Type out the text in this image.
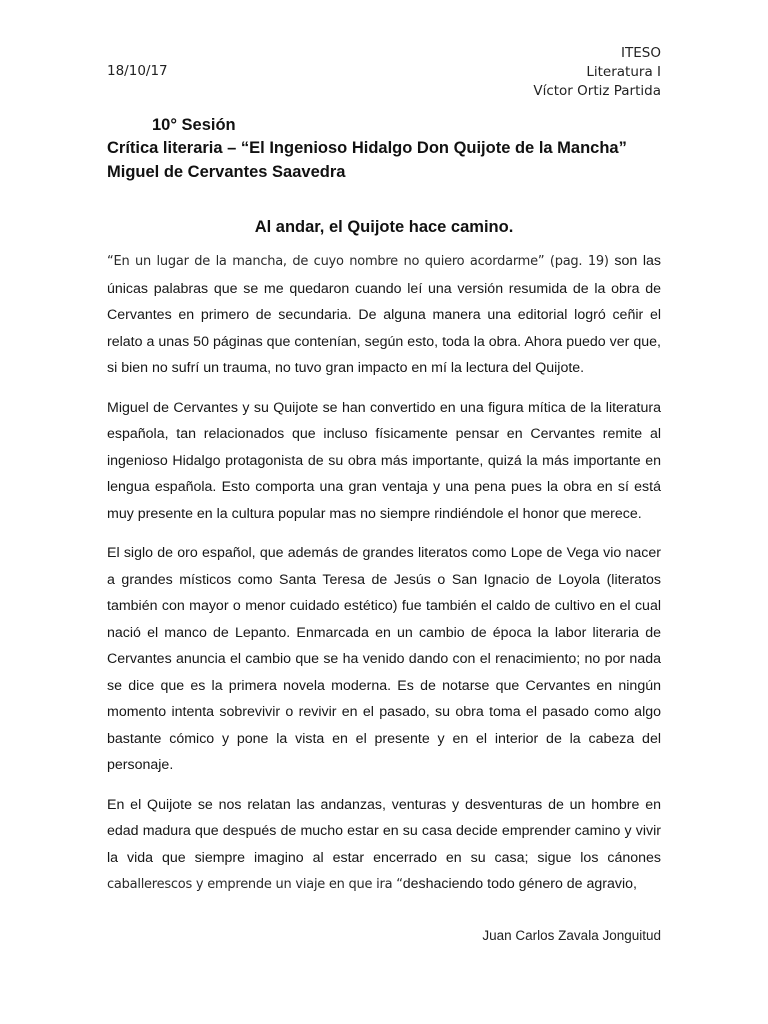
18/10/17
ITESO
Literatura I
Víctor Ortiz Partida
10° Sesión
Crítica literaria – “El Ingenioso Hidalgo Don Quijote de la Mancha”
Miguel de Cervantes Saavedra
Al andar, el Quijote hace camino.

“En un lugar de la mancha, de cuyo nombre no quiero acordarme” (pag. 19) son las únicas palabras que se me quedaron cuando leí una versión resumida de la obra de Cervantes en primero de secundaria. De alguna manera una editorial logró ceñir el relato a unas 50 páginas que contenían, según esto, toda la obra. Ahora puedo ver que, si bien no sufrí un trauma, no tuvo gran impacto en mí la lectura del Quijote.

Miguel de Cervantes y su Quijote se han convertido en una figura mítica de la literatura española, tan relacionados que incluso físicamente pensar en Cervantes remite al ingenioso Hidalgo protagonista de su obra más importante, quizá la más importante en lengua española. Esto comporta una gran ventaja y una pena pues la obra en sí está muy presente en la cultura popular mas no siempre rindiéndole el honor que merece.

El siglo de oro español, que además de grandes literatos como Lope de Vega vio nacer a grandes místicos como Santa Teresa de Jesús o San Ignacio de Loyola (literatos también con mayor o menor cuidado estético) fue también el caldo de cultivo en el cual nació el manco de Lepanto. Enmarcada en un cambio de época la labor literaria de Cervantes anuncia el cambio que se ha venido dando con el renacimiento; no por nada se dice que es la primera novela moderna. Es de notarse que Cervantes en ningún momento intenta sobrevivir o revivir en el pasado, su obra toma el pasado como algo bastante cómico y pone la vista en el presente y en el interior de la cabeza del personaje.

En el Quijote se nos relatan las andanzas, venturas y desventuras de un hombre en edad madura que después de mucho estar en su casa decide emprender camino y vivir la vida que siempre imagino al estar encerrado en su casa; sigue los cánones caballerescos y emprende un viaje en que ira “deshaciendo todo género de agravio,

Juan Carlos Zavala Jonguitud
